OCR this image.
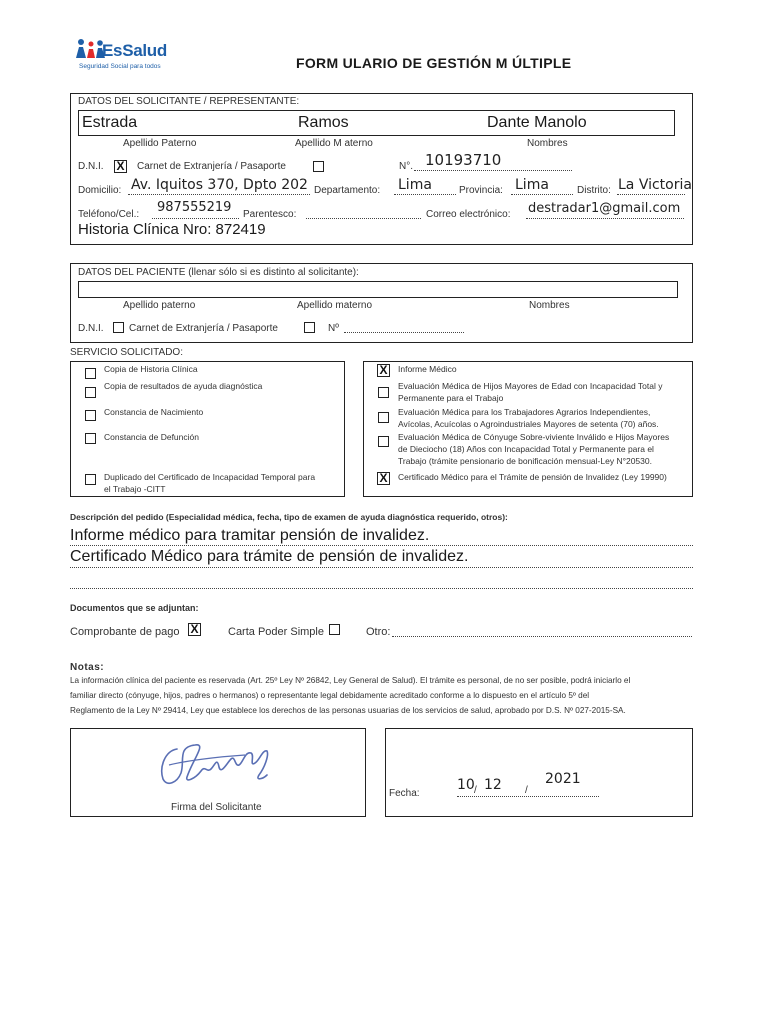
EsSalud
Seguridad Social para todos	FORM ULARIO DE GESTIÓN M ÚLTIPLE
DATOS DEL SOLICITANTE / REPRESENTANTE:
Estrada	Ramos	Dante Manolo
Apellido Paterno	Apellido M aterno	Nombres
D.N.I. X Carnet de Extranjería / Pasaporte	N°. 10193710
Domicilio: Av. Iquitos 370, Dpto 202 Departamento: Lima	Provincia: Lima	Distrito: La Victoria
Teléfono/Cel.: 987555219 Parentesco:	Correo electrónico: destradar1@gmail.com
Historia Clínica Nro: 872419
DATOS DEL PACIENTE (llenar sólo si es distinto al solicitante):
Apellido paterno	Apellido materno	Nombres
D.N.I.	Carnet de Extranjería / Pasaporte	Nº
SERVICIO SOLICITADO:
Copia de Historia Clínica
Copia de resultados de ayuda diagnóstica
Constancia de Nacimiento
Constancia de Defunción
Duplicado del Certificado de Incapacidad Temporal para
el Trabajo -CITT
X Informe Médico
Evaluación Médica de Hijos Mayores de Edad con Incapacidad Total y
Permanente para el Trabajo
Evaluación Médica para los Trabajadores Agrarios Independientes,
Avícolas, Acuícolas o Agroindustriales Mayores de setenta (70) años.
Evaluación Médica de Cónyuge Sobre-viviente Inválido e Hijos Mayores
de Dieciocho (18) Años con Incapacidad Total y Permanente para el
Trabajo (trámite pensionario de bonificación mensual-Ley N°20530.
X Certificado Médico para el Trámite de pensión de Invalidez (Ley 19990)
Descripción del pedido (Especialidad médica, fecha, tipo de examen de ayuda diagnóstica requerido, otros):
Informe médico para tramitar pensión de invalidez.
Certificado Médico para trámite de pensión de invalidez.
Documentos que se adjuntan:
Comprobante de pago X	Carta Poder Simple	Otro:
Notas:
La información clínica del paciente es reservada (Art. 25º Ley Nº 26842, Ley General de Salud). El trámite es personal, de no ser posible, podrá iniciarlo el
familiar directo (cónyuge, hijos, padres o hermanos) o representante legal debidamente acreditado conforme a lo dispuesto en el artículo 5º del
Reglamento de la Ley Nº 29414, Ley que establece los derechos de las personas usuarias de los servicios de salud, aprobado por D.S. Nº 027-2015-SA.
Firma del Solicitante
Fecha:
10 / 12 /
2021
